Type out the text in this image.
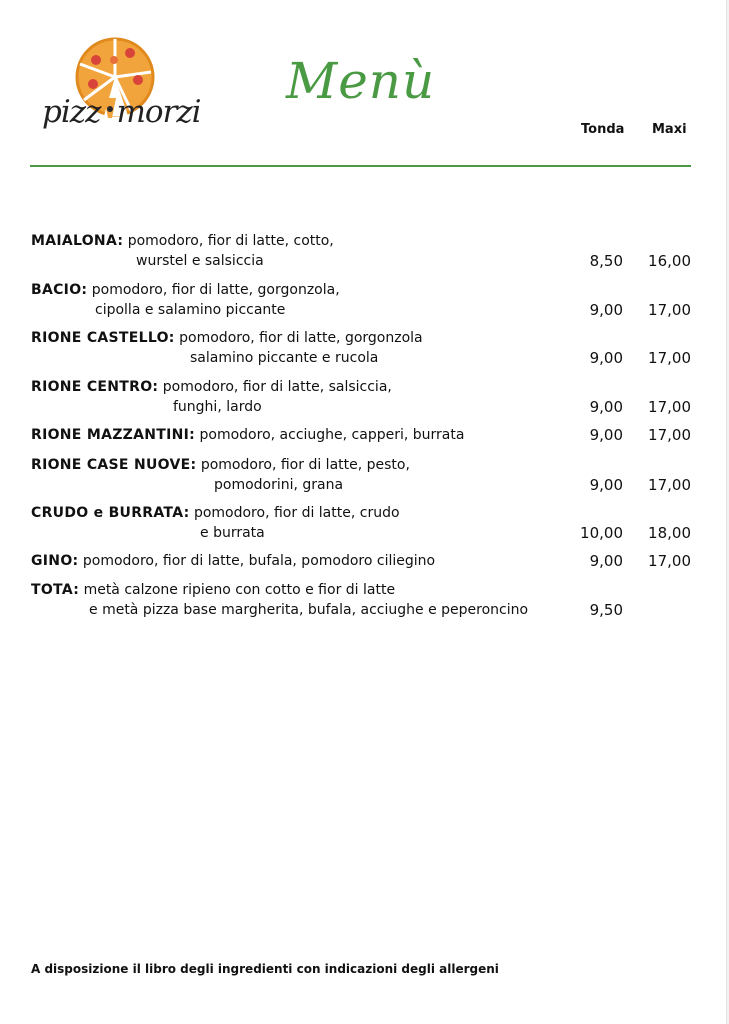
pizz morzi
Menù
Tonda Maxi
MAIALONA: pomodoro, fior di latte, cotto,
wurstel e salsiccia	8,50	16,00
BACIO: pomodoro, fior di latte, gorgonzola,
cipolla e salamino piccante	9,00	17,00
RIONE CASTELLO: pomodoro, fior di latte, gorgonzola
salamino piccante e rucola	9,00	17,00
RIONE CENTRO: pomodoro, fior di latte, salsiccia,
funghi, lardo	9,00	17,00
RIONE MAZZANTINI: pomodoro, acciughe, capperi, burrata	9,00	17,00
RIONE CASE NUOVE: pomodoro, fior di latte, pesto,
pomodorini, grana	9,00	17,00
CRUDO e BURRATA: pomodoro, fior di latte, crudo
e burrata	10,00	18,00
GINO: pomodoro, fior di latte, bufala, pomodoro ciliegino	9,00	17,00
TOTA: metà calzone ripieno con cotto e fior di latte
e metà pizza base margherita, bufala, acciughe e peperoncino	9,50
A disposizione il libro degli ingredienti con indicazioni degli allergeni
